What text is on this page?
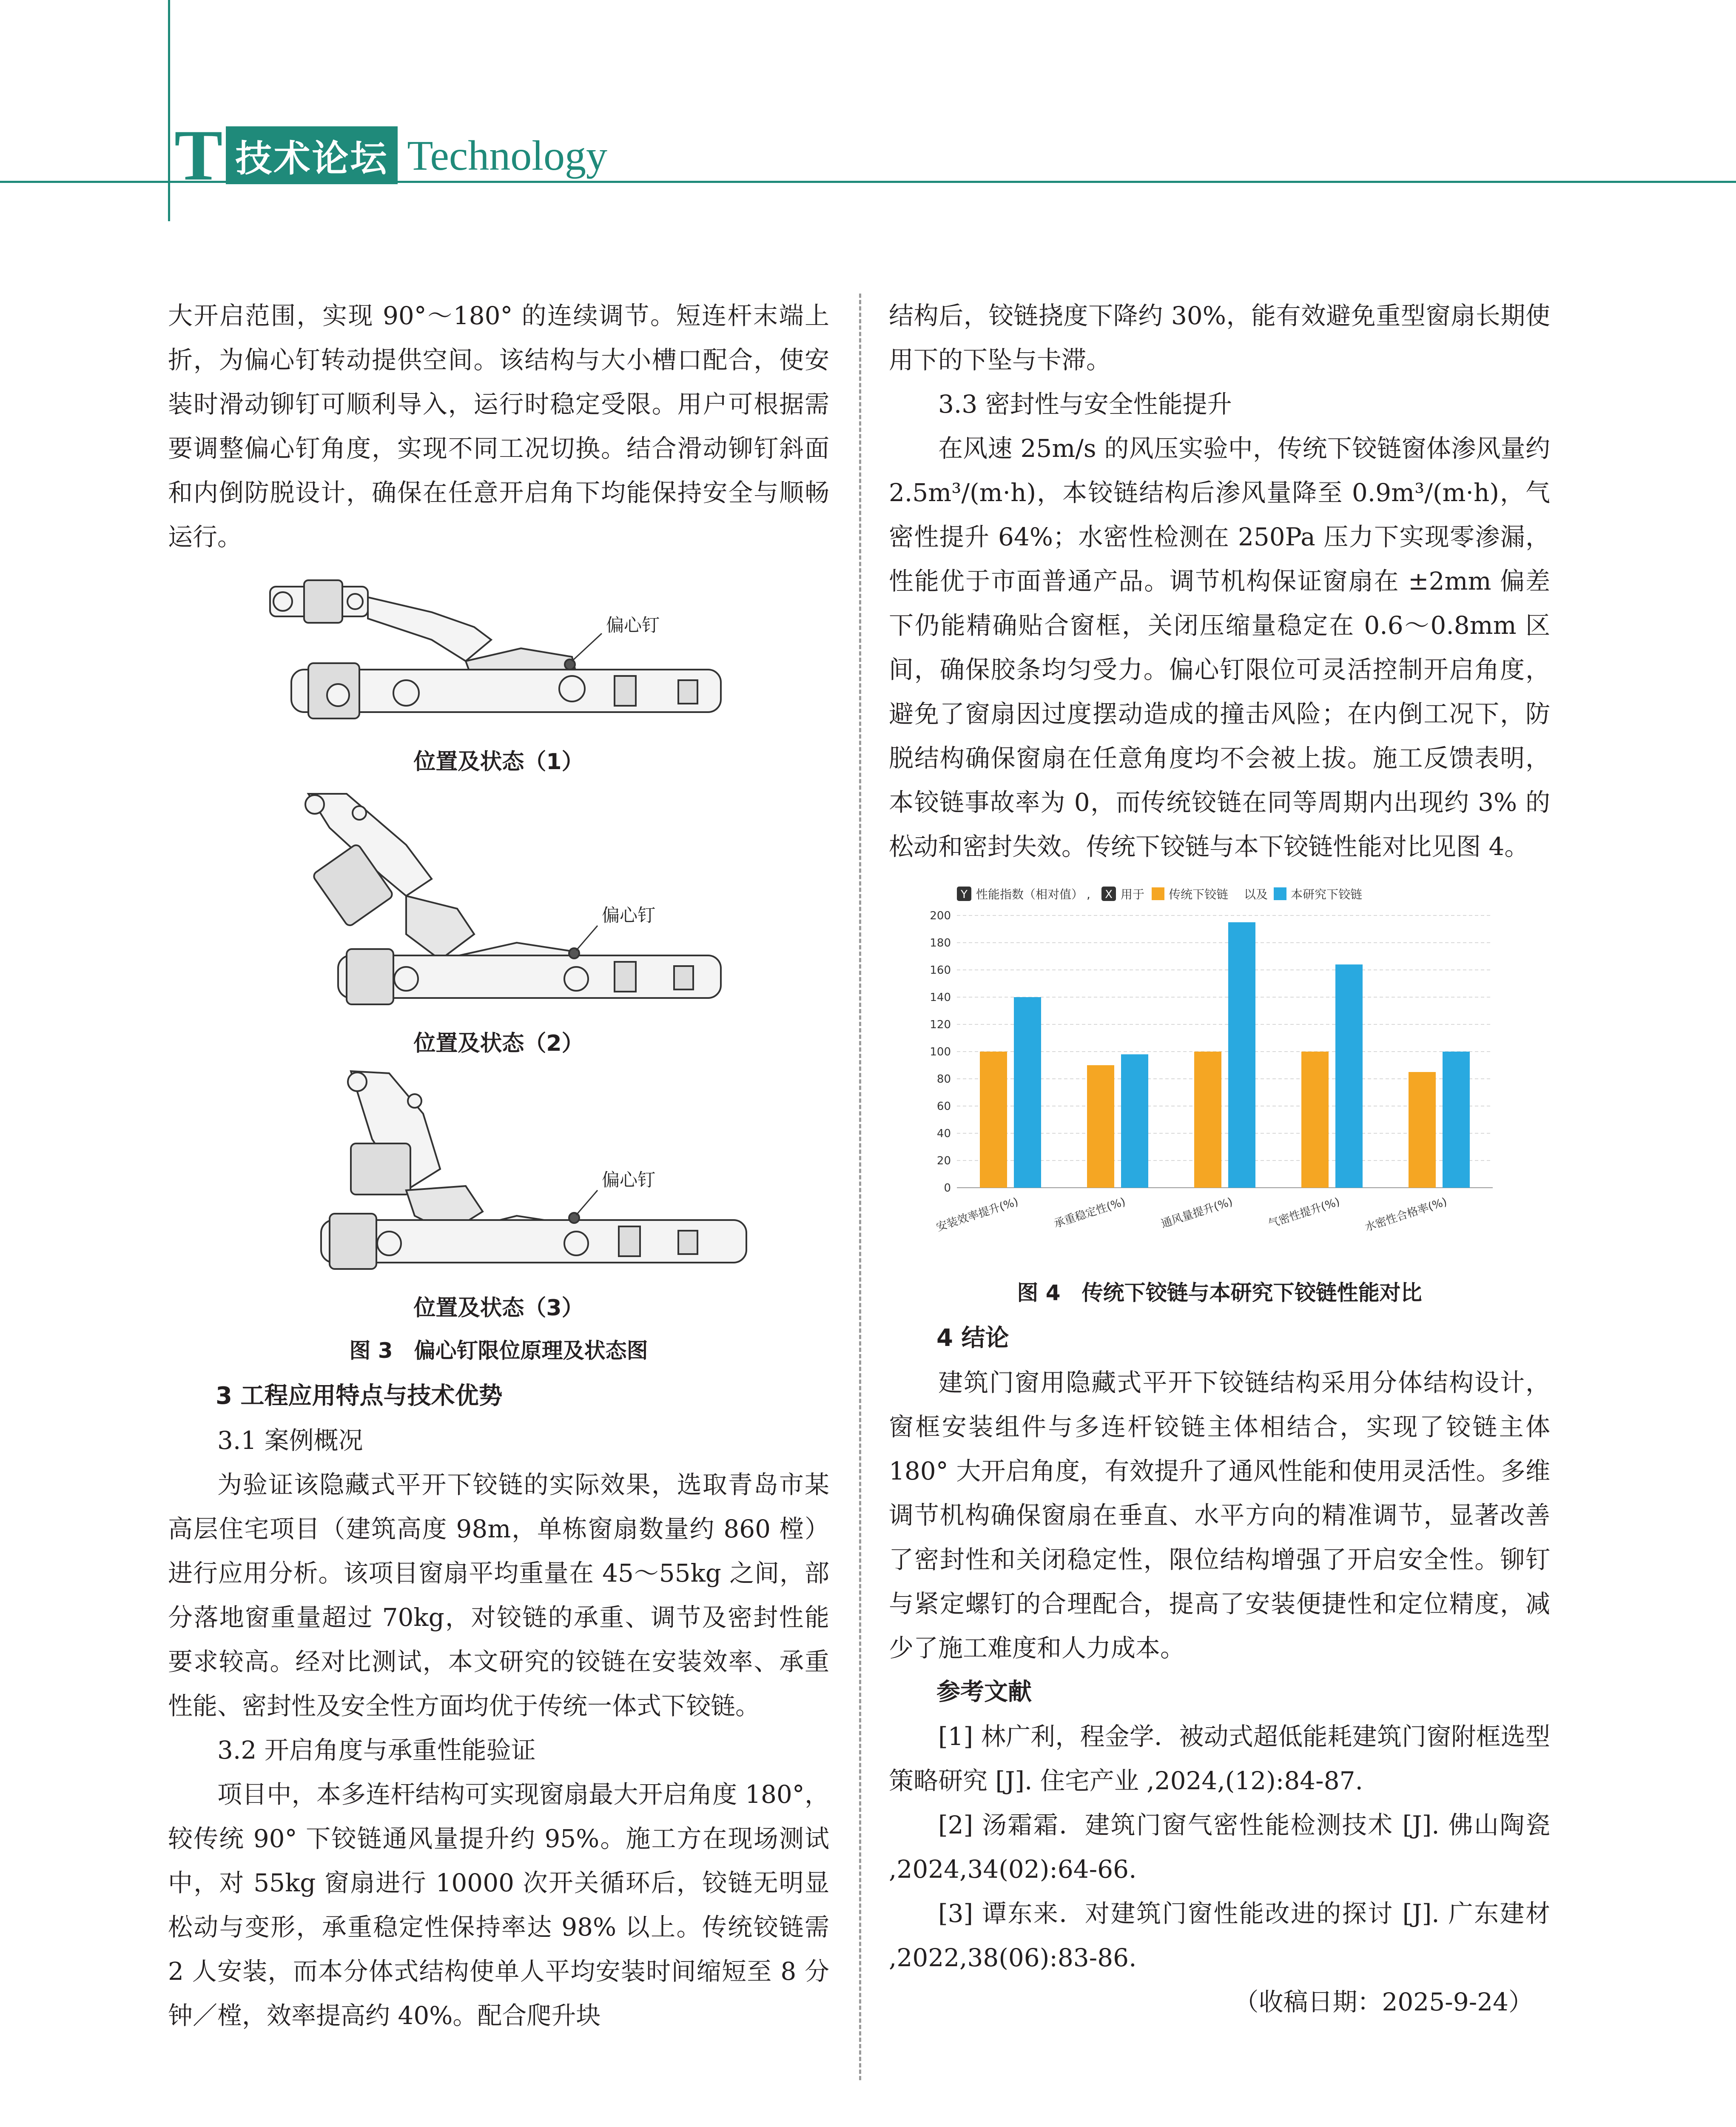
T 技术论坛 Technology

大开启范围，实现 90°～180° 的连续调节。短连杆末端上折，为偏心钉转动提供空间。该结构与大小槽口配合，使安装时滑动铆钉可顺利导入，运行时稳定受限。用户可根据需要调整偏心钉角度，实现不同工况切换。结合滑动铆钉斜面和内倒防脱设计，确保在任意开启角下均能保持安全与顺畅运行。

偏心钉
位置及状态（1）
偏心钉
位置及状态（2）
偏心钉
位置及状态（3）
图 3　偏心钉限位原理及状态图

3 工程应用特点与技术优势

3.1 案例概况

为验证该隐藏式平开下铰链的实际效果，选取青岛市某高层住宅项目（建筑高度 98m，单栋窗扇数量约 860 樘）进行应用分析。该项目窗扇平均重量在 45～55kg 之间，部分落地窗重量超过 70kg，对铰链的承重、调节及密封性能要求较高。经对比测试，本文研究的铰链在安装效率、承重性能、密封性及安全性方面均优于传统一体式下铰链。

3.2 开启角度与承重性能验证

项目中，本多连杆结构可实现窗扇最大开启角度 180°，较传统 90° 下铰链通风量提升约 95%。施工方在现场测试中，对 55kg 窗扇进行 10000 次开关循环后，铰链无明显松动与变形，承重稳定性保持率达 98% 以上。传统铰链需 2 人安装，而本分体式结构使单人平均安装时间缩短至 8 分钟／樘，效率提高约 40%。配合爬升块

结构后，铰链挠度下降约 30%，能有效避免重型窗扇长期使用下的下坠与卡滞。

3.3 密封性与安全性能提升

在风速 25m/s 的风压实验中，传统下铰链窗体渗风量约 2.5m³/(m·h)，本铰链结构后渗风量降至 0.9m³/(m·h)，气密性提升 64%；水密性检测在 250Pa 压力下实现零渗漏，性能优于市面普通产品。调节机构保证窗扇在 ±2mm 偏差下仍能精确贴合窗框，关闭压缩量稳定在 0.6～0.8mm 区间，确保胶条均匀受力。偏心钉限位可灵活控制开启角度，避免了窗扇因过度摆动造成的撞击风险；在内倒工况下，防脱结构确保窗扇在任意角度均不会被上拔。施工反馈表明，本铰链事故率为 0，而传统铰链在同等周期内出现约 3% 的松动和密封失效。传统下铰链与本下铰链性能对比见图 4。

Y 性能指数（相对值） , X 用于 传统下铰链 以及 本研究下铰链
0
20
40
60
80
100
120
140
160
180
200
安装效率提升(%)	承重稳定性(%)	通风量提升(%)	气密性提升(%) 水密性合格率(%)
图 4　传统下铰链与本研究下铰链性能对比

4 结论

建筑门窗用隐藏式平开下铰链结构采用分体结构设计，窗框安装组件与多连杆铰链主体相结合，实现了铰链主体 180° 大开启角度，有效提升了通风性能和使用灵活性。多维调节机构确保窗扇在垂直、水平方向的精准调节，显著改善了密封性和关闭稳定性，限位结构增强了开启安全性。铆钉与紧定螺钉的合理配合，提高了安装便捷性和定位精度，减少了施工难度和人力成本。

参考文献

[1] 林广利，程金学．被动式超低能耗建筑门窗附框选型策略研究 [J]. 住宅产业 ,2024,(12):84-87.

[2] 汤霜霜．建筑门窗气密性能检测技术 [J]. 佛山陶瓷 ,2024,34(02):64-66.

[3] 谭东来．对建筑门窗性能改进的探讨 [J]. 广东建材 ,2022,38(06):83-86.

（收稿日期：2025-9-24）
